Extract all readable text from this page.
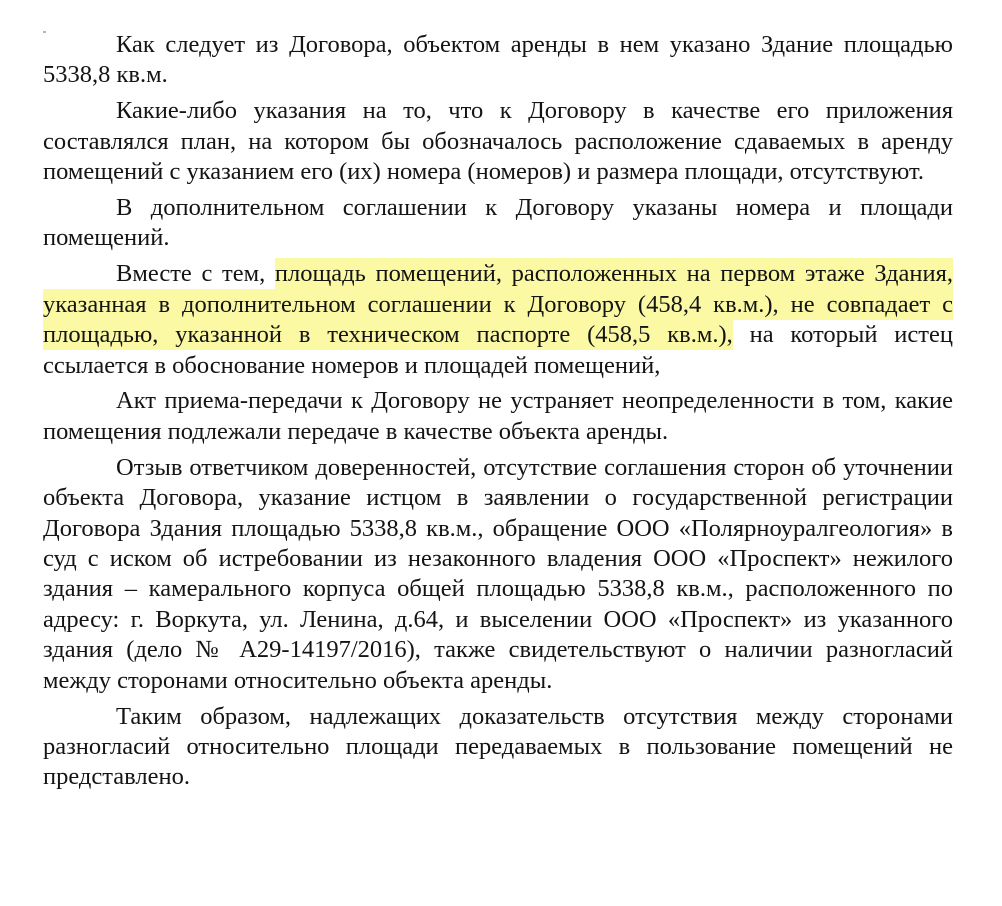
Как следует из Договора, объектом аренды в нем указано Здание площадью 5338,8 кв.м.

Какие-либо указания на то, что к Договору в качестве его приложения составлялся план, на котором бы обозначалось расположение сдаваемых в аренду помещений с указанием его (их) номера (номеров) и размера площади, отсутствуют.

В дополнительном соглашении к Договору указаны номера и площади помещений.

Вместе с тем, площадь помещений, расположенных на первом этаже Здания, указанная в дополнительном соглашении к Договору (458,4 кв.м.), не совпадает с площадью, указанной в техническом паспорте (458,5 кв.м.), на который истец ссылается в обоснование номеров и площадей помещений,

Акт приема-передачи к Договору не устраняет неопределенности в том, какие помещения подлежали передаче в качестве объекта аренды.

Отзыв ответчиком доверенностей, отсутствие соглашения сторон об уточнении объекта Договора, указание истцом в заявлении о государственной регистрации Договора Здания площадью 5338,8 кв.м., обращение ООО «Полярноуралгеология» в суд с иском об истребовании из незаконного владения ООО «Проспект» нежилого здания – камерального корпуса общей площадью 5338,8 кв.м., расположенного по адресу: г. Воркута, ул. Ленина, д.64, и выселении ООО «Проспект» из указанного здания (дело № А29-14197/2016), также свидетельствуют о наличии разногласий между сторонами относительно объекта аренды.

Таким образом, надлежащих доказательств отсутствия между сторонами разногласий относительно площади передаваемых в пользование помещений не представлено.
